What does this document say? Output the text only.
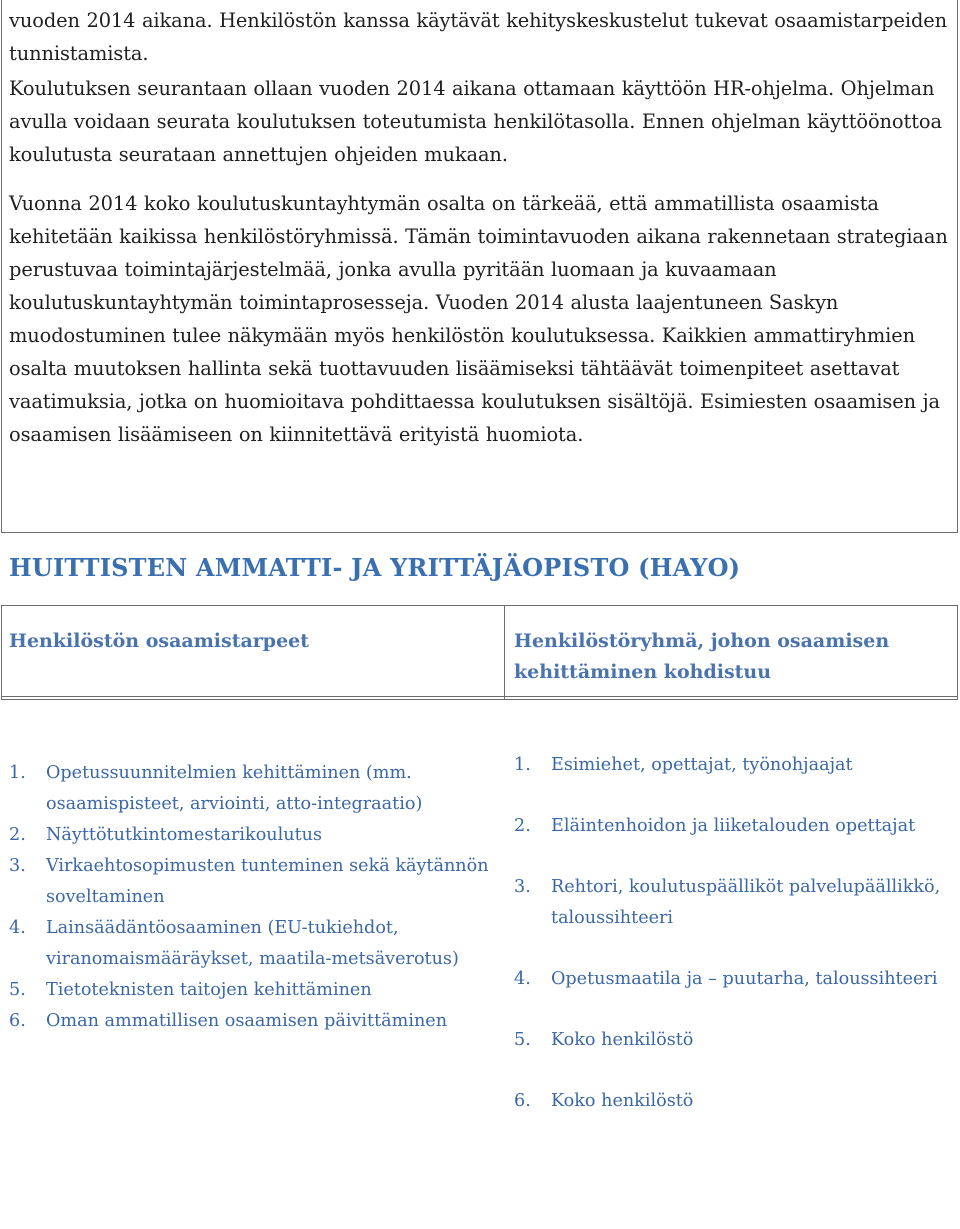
vuoden 2014 aikana. Henkilöstön kanssa käytävät kehityskeskustelut tukevat osaamistarpeiden tunnistamista.

Koulutuksen seurantaan ollaan vuoden 2014 aikana ottamaan käyttöön HR-ohjelma. Ohjelman avulla voidaan seurata koulutuksen toteutumista henkilötasolla. Ennen ohjelman käyttöönottoa koulutusta seurataan annettujen ohjeiden mukaan.

Vuonna 2014 koko koulutuskuntayhtymän osalta on tärkeää, että ammatillista osaamista kehitetään kaikissa henkilöstöryhmissä. Tämän toimintavuoden aikana rakennetaan strategiaan perustuvaa toimintajärjestelmää, jonka avulla pyritään luomaan ja kuvaamaan koulutuskuntayhtymän toimintaprosesseja. Vuoden 2014 alusta laajentuneen Saskyn muodostuminen tulee näkymään myös henkilöstön koulutuksessa. Kaikkien ammattiryhmien osalta muutoksen hallinta sekä tuottavuuden lisäämiseksi tähtäävät toimenpiteet asettavat vaatimuksia, jotka on huomioitava pohdittaessa koulutuksen sisältöjä. Esimiesten osaamisen ja osaamisen lisäämiseen on kiinnitettävä erityistä huomiota.

HUITTISTEN AMMATTI- JA YRITTÄJÄOPISTO (HAYO)
Henkilöstön osaamistarpeet	Henkilöstöryhmä, johon osaamisen kehittäminen kohdistuu
1. Opetussuunnitelmien kehittäminen (mm. osaamispisteet, arviointi, atto-integraatio)
2. Näyttötutkintomestarikoulutus
3. Virkaehtosopimusten tunteminen sekä käytännön soveltaminen
4. Lainsäädäntöosaaminen (EU-tukiehdot, viranomaismääräykset, maatila-metsäverotus)
5. Tietoteknisten taitojen kehittäminen
6. Oman ammatillisen osaamisen päivittäminen
1. Esimiehet, opettajat, työnohjaajat
2. Eläintenhoidon ja liiketalouden opettajat
3. Rehtori, koulutuspäälliköt palvelupäällikkö, taloussihteeri
4. Opetusmaatila ja – puutarha, taloussihteeri
5. Koko henkilöstö
6. Koko henkilöstö
